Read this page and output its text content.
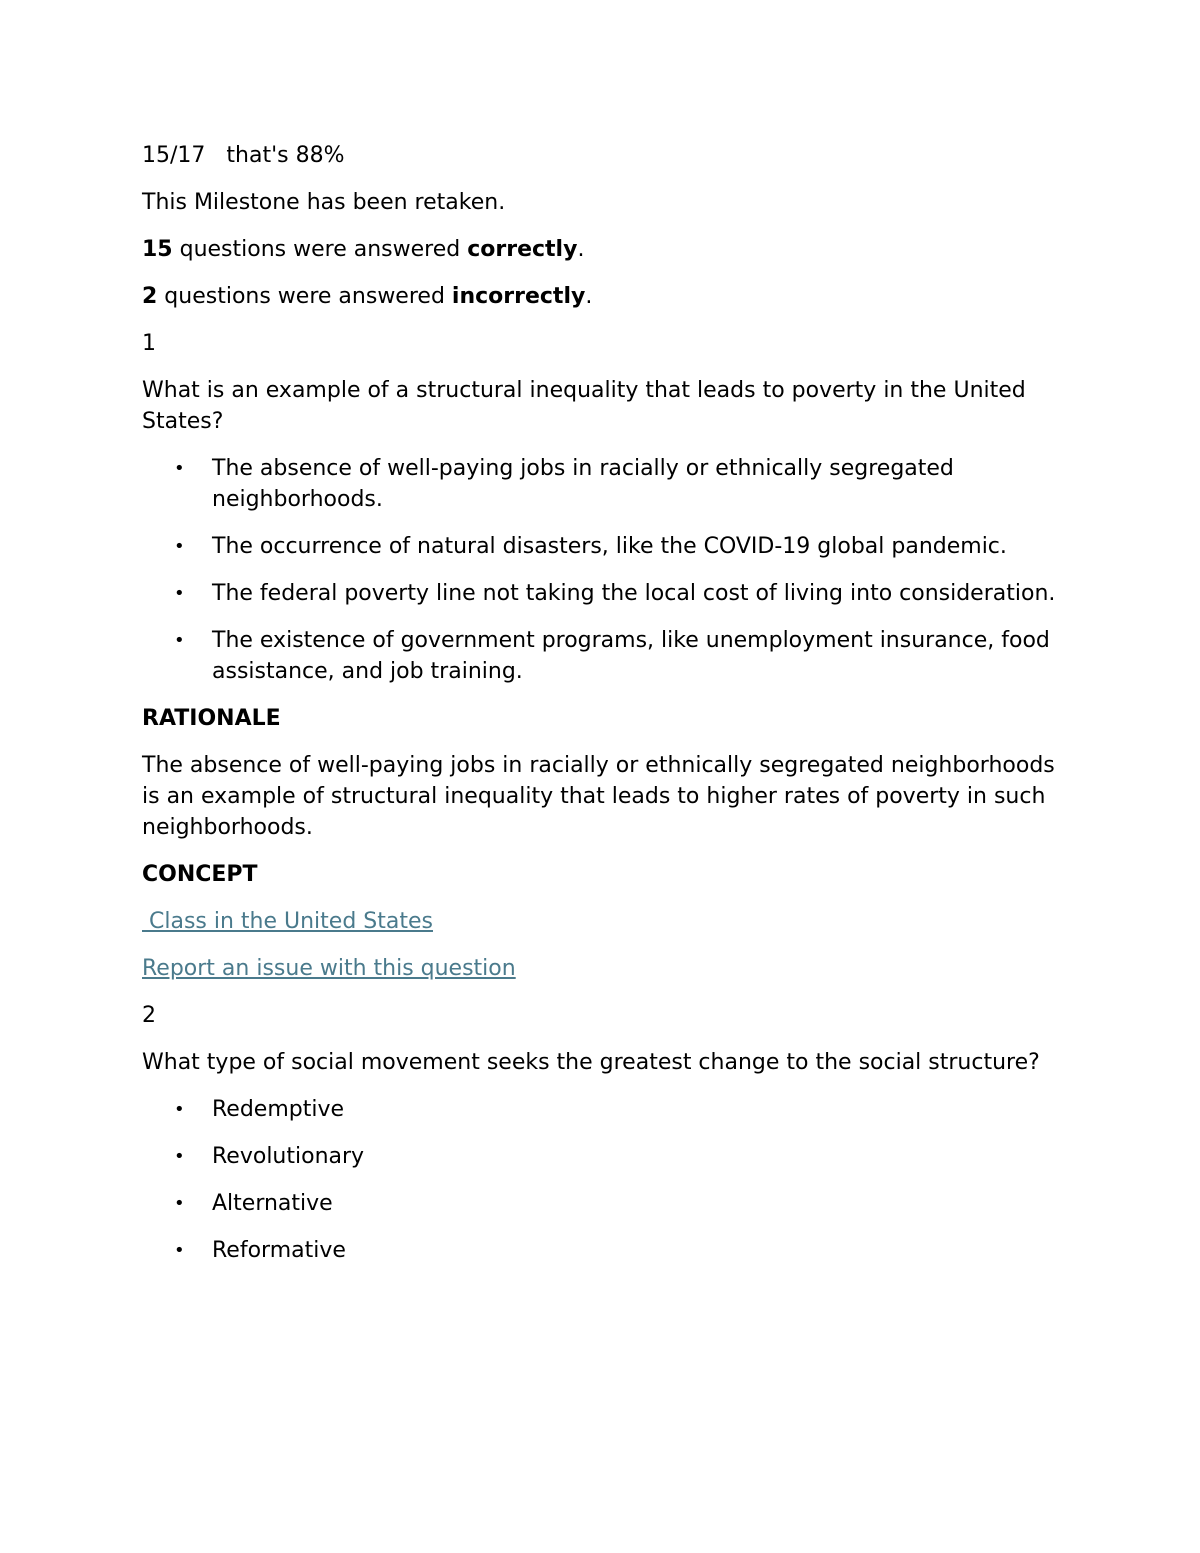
15/17 that's 88%

This Milestone has been retaken.

15 questions were answered correctly.

2 questions were answered incorrectly.

1

What is an example of a structural inequality that leads to poverty in the United States?

• The absence of well-paying jobs in racially or ethnically segregated neighborhoods.
• The occurrence of natural disasters, like the COVID-19 global pandemic.
• The federal poverty line not taking the local cost of living into consideration.
• The existence of government programs, like unemployment insurance, food assistance, and job training.

RATIONALE

The absence of well-paying jobs in racially or ethnically segregated neighborhoods is an example of structural inequality that leads to higher rates of poverty in such neighborhoods.

CONCEPT

Class in the United States

Report an issue with this question

2

What type of social movement seeks the greatest change to the social structure?

• Redemptive
• Revolutionary
• Alternative
• Reformative
